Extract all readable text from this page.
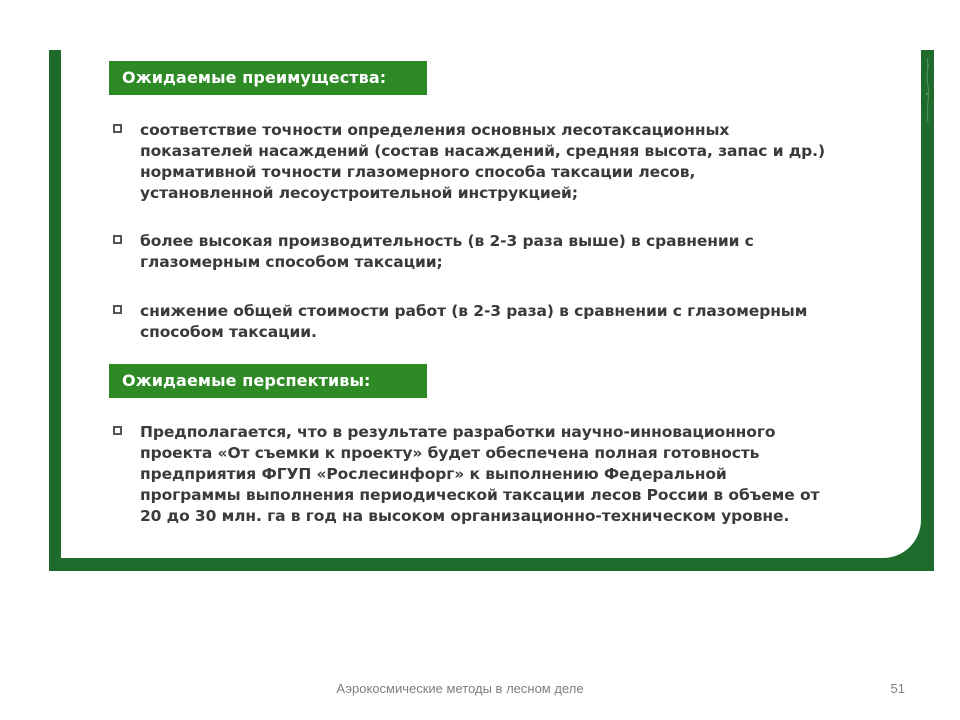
Ожидаемые преимущества:
соответствие точности определения основных лесотаксационных
показателей насаждений (состав насаждений, средняя высота, запас и др.)
нормативной точности глазомерного способа таксации лесов,
установленной лесоустроительной инструкцией;
более высокая производительность (в 2-3 раза выше) в сравнении с
глазомерным способом таксации;
снижение общей стоимости работ (в 2-3 раза) в сравнении с глазомерным
способом таксации.
Ожидаемые перспективы:
Предполагается, что в результате разработки научно-инновационного
проекта «От съемки к проекту» будет обеспечена полная готовность
предприятия ФГУП «Рослесинфорг» к выполнению Федеральной
программы выполнения периодической таксации лесов России в объеме от
20 до 30 млн. га в год на высоком организационно-техническом уровне.
Аэрокосмические методы в лесном деле	51
